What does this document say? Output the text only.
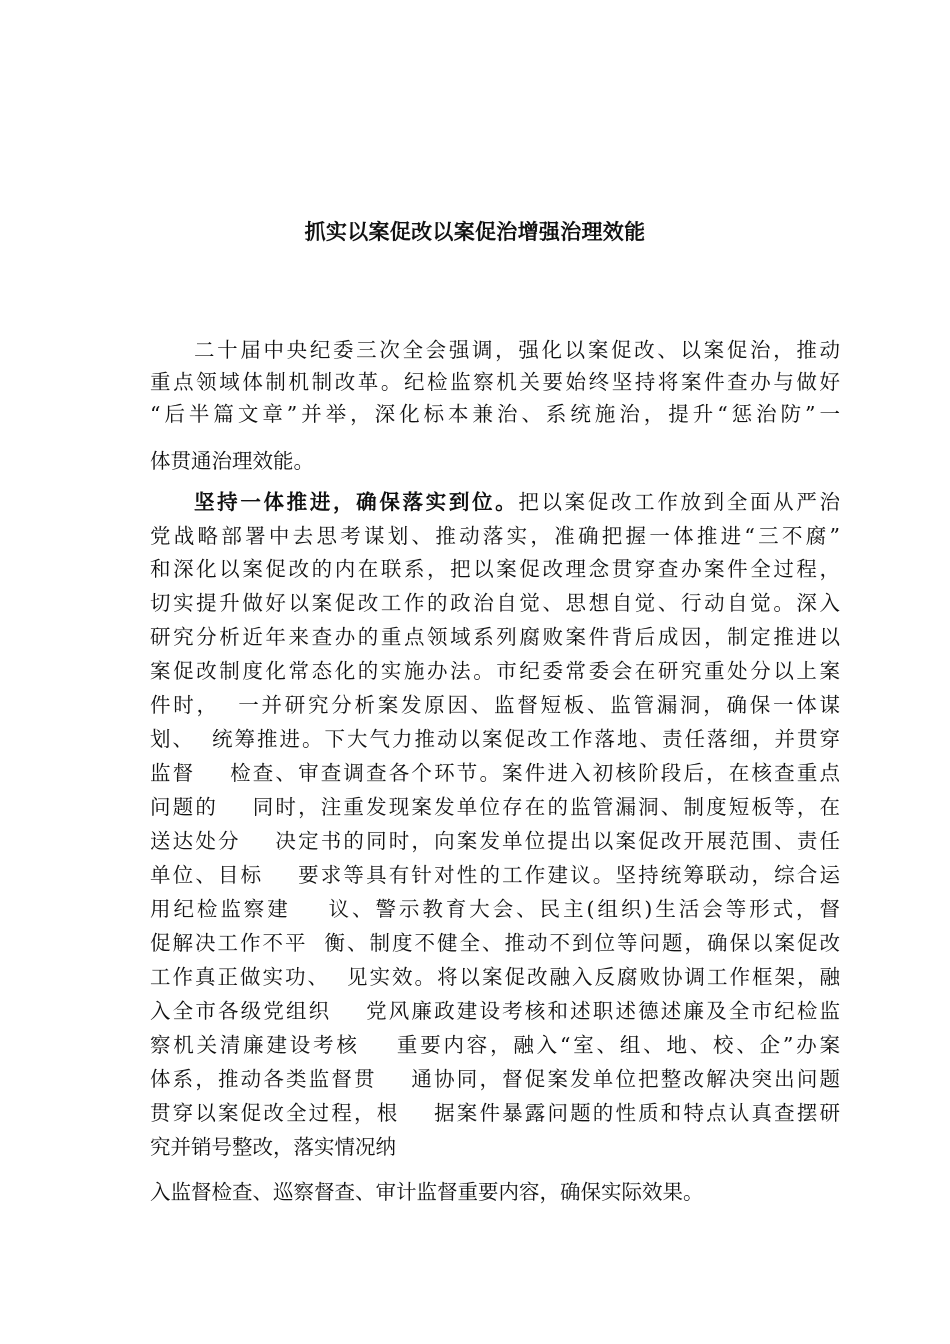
抓实以案促改以案促治增强治理效能
二十届中央纪委三次全会强调，强化以案促改、以案促治，推动
重点领域体制机制改革。纪检监察机关要始终坚持将案件查办与做好
“后半篇文章”并举，深化标本兼治、系统施治，提升“惩治防”一
体贯通治理效能。
坚持一体推进，确保落实到位。把以案促改工作放到全面从严治
党战略部署中去思考谋划、推动落实，准确把握一体推进“三不腐”
和深化以案促改的内在联系，把以案促改理念贯穿查办案件全过程，
切实提升做好以案促改工作的政治自觉、思想自觉、行动自觉。深入
研究分析近年来查办的重点领域系列腐败案件背后成因，制定推进以
案促改制度化常态化的实施办法。市纪委常委会在研究重处分以上案
件时，  一并研究分析案发原因、监督短板、监管漏洞，确保一体谋
划、  统筹推进。下大气力推动以案促改工作落地、责任落细，并贯穿
监督    检查、审查调查各个环节。案件进入初核阶段后，在核查重点
问题的    同时，注重发现案发单位存在的监管漏洞、制度短板等，在
送达处分    决定书的同时，向案发单位提出以案促改开展范围、责任
单位、目标    要求等具有针对性的工作建议。坚持统筹联动，综合运
用纪检监察建    议、警示教育大会、民主(组织)生活会等形式，督
促解决工作不平  衡、制度不健全、推动不到位等问题，确保以案促改
工作真正做实功、  见实效。将以案促改融入反腐败协调工作框架，融
入全市各级党组织    党风廉政建设考核和述职述德述廉及全市纪检监
察机关清廉建设考核    重要内容，融入“室、组、地、校、企”办案
体系，推动各类监督贯    通协同，督促案发单位把整改解决突出问题
贯穿以案促改全过程，根    据案件暴露问题的性质和特点认真查摆研
究并销号整改，落实情况纳
入监督检查、巡察督查、审计监督重要内容，确保实际效果。
